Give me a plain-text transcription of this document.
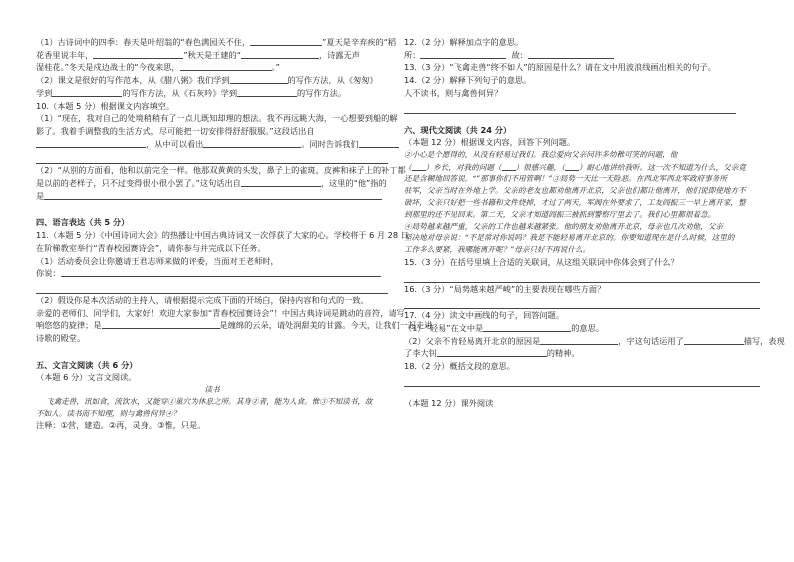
（1）古诗词中的四季：春天是叶绍翁的“春色满园关不住，	”夏天是辛弃疾的“稻
花香里说丰年，	”秋天是王建的“	，诗露无声
湿桂花。”冬天是戍边战士的“今夜来思，	。”
（2）课文是很好的写作范本，从《腊八粥》我们学到	的写作方法，从《匆匆》
学到	的写作方法，从《石灰吟》学到	的写作方法。
10.（本题 5 分）根据课文内容填空。
（1）“现在，我对自己的处境稍稍有了一点儿既知却理的想法。我不再远眺大海，一心想要到船的解
影了。我着手调整我的生活方式，尽可能把一切安排得舒舒服服。”这段话出自
，从中可以看出	。同时告诉我们
（2）“从别的方面看，他和以前完全一样。他那双黄黄的头发，鼻子上的雀斑，皮裤和袜子上的补丁都
是以前的老样子，只不过变得很小很小罢了。”这句话出自	，这里的“他”指的
是
四、语言表达（共 5 分）
11.（本题 5 分）《中国诗词大会》的热播让中国古典诗词又一次俘获了大家的心。学校将于 6 月 28 日
在阶梯教室举行“青春校园赛诗会”，请你参与并完成以下任务。
（1）活动委员会让你邀请王君志师来做的评委，当面对王老师时，
你说：
（2）假设你是本次活动的主持人，请根据提示完成下面的开场白，保持内容和句式的一致。
亲爱的老师们、同学们，大家好！欢迎大家参加“青春校园赛诗会”！中国古典诗词是跳动的音符，请写
响悠悠的旋律；是	是缠绵的云朵，请处润甜美的甘露。今天，让我们一起走进
诗歌的殿堂。
五、文言文阅读（共 6 分）
（本题 6 分）文言文阅读。
读书
飞禽走兽，讯如食，流饮水，又能穿①巢穴为休息之所。其身②者，能为人食。惟③不知读书，故
不如人。读书而不知理，则与禽兽何异④？
注释：①营，建造。②再，灵身。③惟，只是。
12.（2 分）解释加点字的意思。
所：	故：
13.（3 分）“飞禽走兽“终不如人”的原因是什么？请在文中用波浪线画出相关的句子。
14.（2 分）解释下列句子的意思。
人不读书，则与禽兽何异？
六、现代文阅读（共 24 分）
（本题 12 分）根据课文内容，回答下列问题。
②小心是个愿得的，从没有轻易过我们。我总爱向父亲问许多幼稚可笑的问题，他
（ ）乡长，对我的问题（ ）很感兴趣，（ ）耐心地讲给我听。这一次不知道为什么，父亲竟
还是含糊地回答说。“”那事你们不用管啊！”③局势一天比一天险恶。在西北军西北军政府事务所
驻军，父亲当时在外地上学。父亲的老友也都劝他离开北京，父亲也们都让他离开，他们说即使地方不
破坏，父亲只好把一些书籍和文件烧掉，才过了两天，军阀在外要求了，工友阎振三一早上离开家，整
到那里的还不见回来。第二天，父亲才知道阎振三被抓到警察厅里去了。我们心里都很着急。
④局势越来越严重，父亲的工作也越来越紧张。他的朋友劝他离开北京，母亲也几次劝他，父亲
坚决地对母亲说：“不是常对你说吗？我是不能轻易离开北京的。你要知道现在是什么时候，这里的
工作多么要紧，我哪能离开呢？”母亲只好不再说什么。
15.（3 分）在括号里填上合适的关联词，从这组关联词中你体会到了什么？
16.（3 分）“局势越来越严峻”的主要表现在哪些方面？
17.（4 分）读文中画线的句子，回答问题。
（1）“轻易”在文中是	的意思。
（2）父亲不肯轻易离开北京的原因是	，字这句话运用了	描写，表现
了李大钊	的精神。
18.（2 分）概括文段的意思。
（本题 12 分）课外阅读
